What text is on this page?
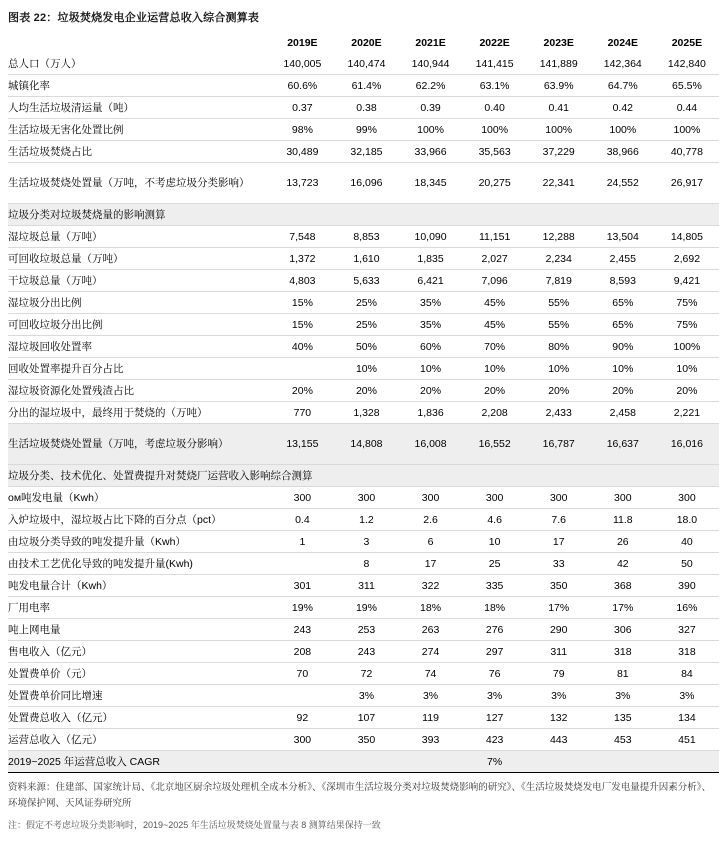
图表 22：垃圾焚烧发电企业运营总收入综合测算表
	2019E	2020E	2021E	2022E	2023E	2024E	2025E
总人口（万人）	140,005	140,474	140,944	141,415	141,889	142,364	142,840
城镇化率	60.6%	61.4%	62.2%	63.1%	63.9%	64.7%	65.5%
人均生活垃圾清运量（吨）	0.37	0.38	0.39	0.40	0.41	0.42	0.44
生活垃圾无害化处置比例	98%	99%	100%	100%	100%	100%	100%
生活垃圾焚烧占比	30,489	32,185	33,966	35,563	37,229	38,966	40,778
生活垃圾焚烧处置量（万吨，不考虑垃圾分类影响）	13,723	16,096	18,345	20,275	22,341	24,552	26,917
垃圾分类对垃圾焚烧量的影响测算							
湿垃圾总量（万吨）	7,548	8,853	10,090	11,151	12,288	13,504	14,805
可回收垃圾总量（万吨）	1,372	1,610	1,835	2,027	2,234	2,455	2,692
干垃圾总量（万吨）	4,803	5,633	6,421	7,096	7,819	8,593	9,421
湿垃圾分出比例	15%	25%	35%	45%	55%	65%	75%
可回收垃圾分出比例	15%	25%	35%	45%	55%	65%	75%
湿垃圾回收处置率	40%	50%	60%	70%	80%	90%	100%
回收处置率提升百分占比		10%	10%	10%	10%	10%	10%
湿垃圾资源化处置残渣占比	20%	20%	20%	20%	20%	20%	20%
分出的湿垃圾中，最终用于焚烧的（万吨）	770	1,328	1,836	2,208	2,433	2,458	2,221
生活垃圾焚烧处置量（万吨，考虑垃圾分影响）	13,155	14,808	16,008	16,552	16,787	16,637	16,016
垃圾分类、技术优化、处置费提升对焚烧厂运营收入影响综合测算							
ом吨发电量（Kwh）	300	300	300	300	300	300	300
入炉垃圾中，湿垃圾占比下降的百分点（pct）	0.4	1.2	2.6	4.6	7.6	11.8	18.0
由垃圾分类导致的吨发提升量（Kwh）	1	3	6	10	17	26	40
由技术工艺优化导致的吨发提升量(Kwh)		8	17	25	33	42	50
吨发电量合计（Kwh）	301	311	322	335	350	368	390
厂用电率	19%	19%	18%	18%	17%	17%	16%
吨上网电量	243	253	263	276	290	306	327
售电收入（亿元）	208	243	274	297	311	318	318
处置费单价（元）	70	72	74	76	79	81	84
处置费单价同比增速		3%	3%	3%	3%	3%	3%
处置费总收入（亿元）	92	107	119	127	132	135	134
运营总收入（亿元）	300	350	393	423	443	453	451
2019~2025 年运营总收入 CAGR				7%			
资料来源：住建部、国家统计局、《北京地区厨余垃圾处理机全成本分析》、《深圳市生活垃圾分类对垃圾焚烧影响的研究》、《生活垃圾焚烧发电厂发电量提升因素分析》、环境保护网、天风证券研究所
注：假定不考虑垃圾分类影响时，2019~2025 年生活垃圾焚烧处置量与表 8 测算结果保持一致
